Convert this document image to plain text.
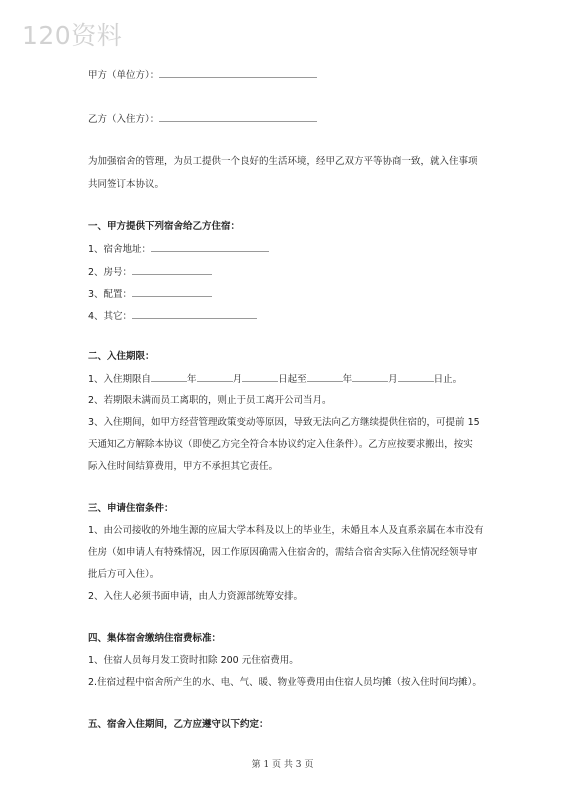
120资料
甲方（单位方）：
乙方（入住方）：
为加强宿舍的管理，为员工提供一个良好的生活环境，经甲乙双方平等协商一致，就入住事项
共同签订本协议。
一、甲方提供下列宿舍给乙方住宿：
1、宿舍地址：
2、房号：
3、配置：
4、其它：
二、入住期限：
1、入住期限自	年	月	日起至	年	月	日止。
2、若期限未满而员工离职的，则止于员工离开公司当月。
3、入住期间，如甲方经营管理政策变动等原因，导致无法向乙方继续提供住宿的，可提前 15
天通知乙方解除本协议（即使乙方完全符合本协议约定入住条件）。乙方应按要求搬出，按实
际入住时间结算费用，甲方不承担其它责任。
三、申请住宿条件：
1、由公司接收的外地生源的应届大学本科及以上的毕业生，未婚且本人及直系亲属在本市没有
住房（如申请人有特殊情况，因工作原因确需入住宿舍的，需结合宿舍实际入住情况经领导审
批后方可入住）。
2、入住人必须书面申请，由人力资源部统筹安排。
四、集体宿舍缴纳住宿费标准：
1、住宿人员每月发工资时扣除 200 元住宿费用。
2.住宿过程中宿舍所产生的水、电、气、暖、物业等费用由住宿人员均摊（按入住时间均摊）。
五、宿舍入住期间，乙方应遵守以下约定：
第 1 页 共 3 页
